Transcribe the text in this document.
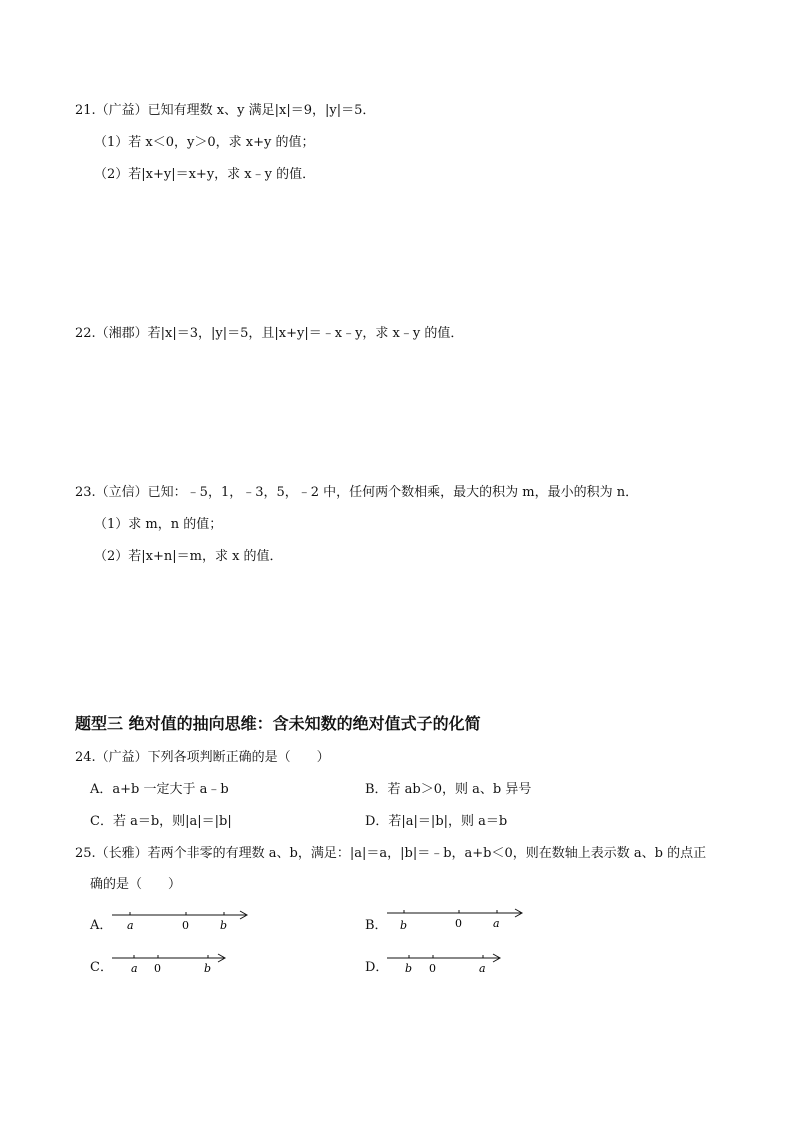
21.（广益）已知有理数 x、y 满足|x|＝9，|y|＝5．
（1）若 x＜0，y＞0，求 x+y 的值；
（2）若|x+y|＝x+y，求 x﹣y 的值．
22.（湘郡）若|x|＝3，|y|＝5，且|x+y|＝﹣x﹣y，求 x﹣y 的值．
23.（立信）已知：﹣5，1，﹣3，5，﹣2 中，任何两个数相乘，最大的积为 m，最小的积为 n．
（1）求 m，n 的值；
（2）若|x+n|＝m，求 x 的值．
题型三 绝对值的抽向思维：含未知数的绝对值式子的化简
24.（广益）下列各项判断正确的是（　　）
A．a+b 一定大于 a﹣b	B．若 ab＞0，则 a、b 异号
C．若 a＝b，则|a|＝|b|	D．若|a|＝|b|，则 a＝b
25.（长雅）若两个非零的有理数 a、b，满足：|a|＝a，|b|＝﹣b，a+b＜0，则在数轴上表示数 a、b 的点正
确的是（　　）
A． a	0	b	B． b	0	a
C． a 0	b	D． b 0	a
